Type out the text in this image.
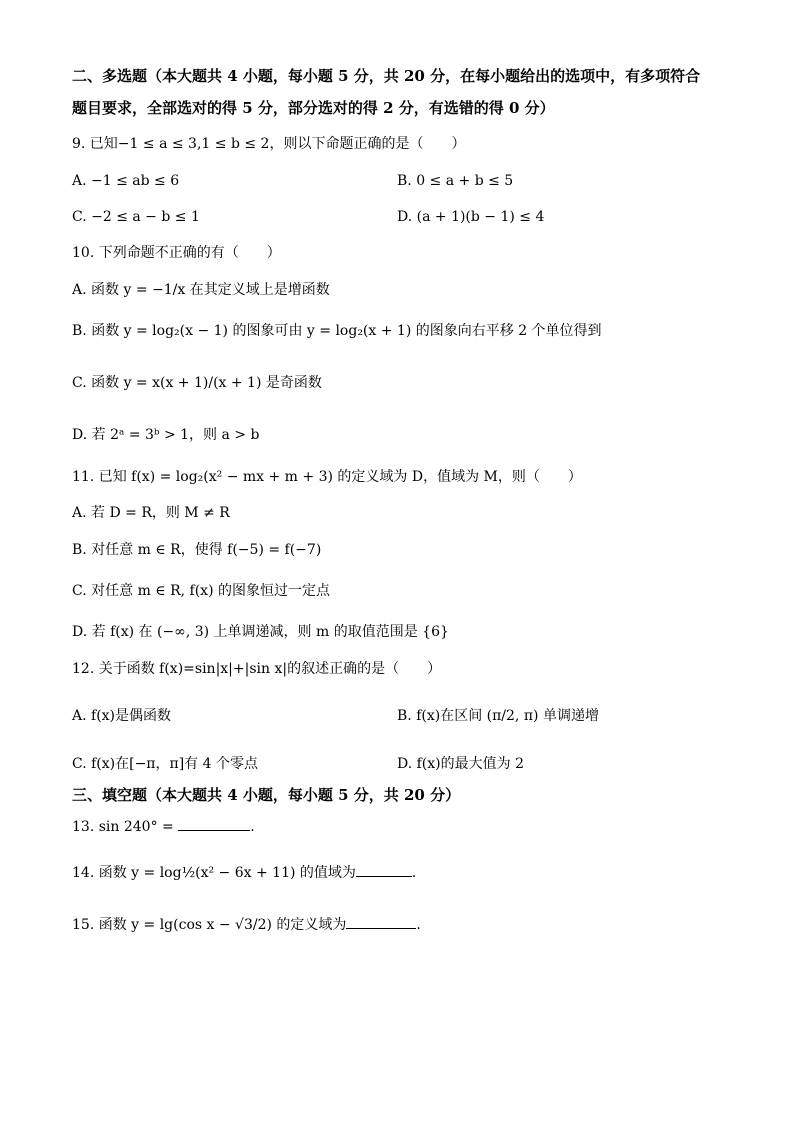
二、多选题（本大题共 4 小题，每小题 5 分，共 20 分，在每小题给出的选项中，有多项符合
题目要求，全部选对的得 5 分，部分选对的得 2 分，有选错的得 0 分）
9. 已知−1 ≤ a ≤ 3,1 ≤ b ≤ 2，则以下命题正确的是（　　）
A. −1 ≤ ab ≤ 6	B. 0 ≤ a + b ≤ 5
C. −2 ≤ a − b ≤ 1	D. (a + 1)(b − 1) ≤ 4
10. 下列命题不正确的有（　　）
A. 函数 y = −1/x 在其定义域上是增函数
B. 函数 y = log₂(x − 1) 的图象可由 y = log₂(x + 1) 的图象向右平移 2 个单位得到
C. 函数 y = x(x + 1)/(x + 1) 是奇函数
D. 若 2ᵃ = 3ᵇ > 1，则 a > b
11. 已知 f(x) = log₂(x² − mx + m + 3) 的定义域为 D，值域为 M，则（　　）
A. 若 D = R，则 M ≠ R
B. 对任意 m ∈ R，使得 f(−5) = f(−7)
C. 对任意 m ∈ R, f(x) 的图象恒过一定点
D. 若 f(x) 在 (−∞, 3) 上单调递减，则 m 的取值范围是 {6}
12. 关于函数 f(x)=sin|x|+|sin x|的叙述正确的是（　　）
A. f(x)是偶函数	B. f(x)在区间 (π/2, π) 单调递增
C. f(x)在[−π，π]有 4 个零点	D. f(x)的最大值为 2
三、填空题（本大题共 4 小题，每小题 5 分，共 20 分）
13. sin 240° =	.
14. 函数 y = log½(x² − 6x + 11) 的值域为	.
15. 函数 y = lg(cos x − √3/2) 的定义域为	.
